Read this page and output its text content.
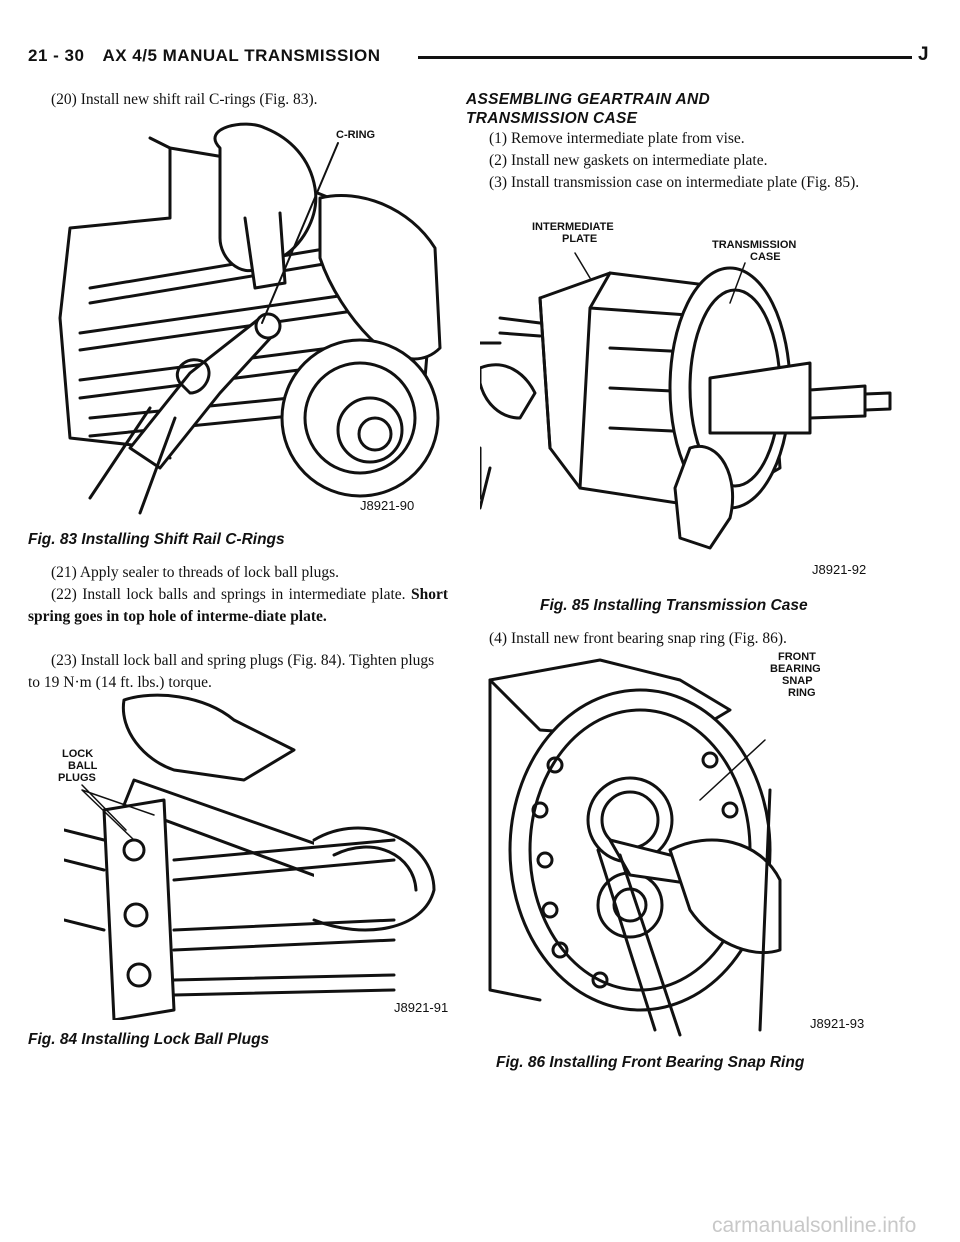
21 - 30 AX 4/5 MANUAL TRANSMISSION	J
(20) Install new shift rail C-rings (Fig. 83).
C-RING
J8921-90
Fig. 83 Installing Shift Rail C-Rings
(21) Apply sealer to threads of lock ball plugs.
(22) Install lock balls and springs in intermediate plate. Short spring goes in top hole of interme-diate plate.
(23) Install lock ball and spring plugs (Fig. 84). Tighten plugs to 19 N·m (14 ft. lbs.) torque.
J8921-91
LOCK
BALL
PLUGS
Fig. 84 Installing Lock Ball Plugs
ASSEMBLING GEARTRAIN AND
TRANSMISSION CASE
(1) Remove intermediate plate from vise.
(2) Install new gaskets on intermediate plate.
(3) Install transmission case on intermediate plate (Fig. 85).
J8921-92
INTERMEDIATE
PLATE	TRANSMISSION
CASE
Fig. 85 Installing Transmission Case
(4) Install new front bearing snap ring (Fig. 86).
J8921-93
FRONT
BEARING
SNAP
RING
Fig. 86 Installing Front Bearing Snap Ring
carmanualsonline.info
